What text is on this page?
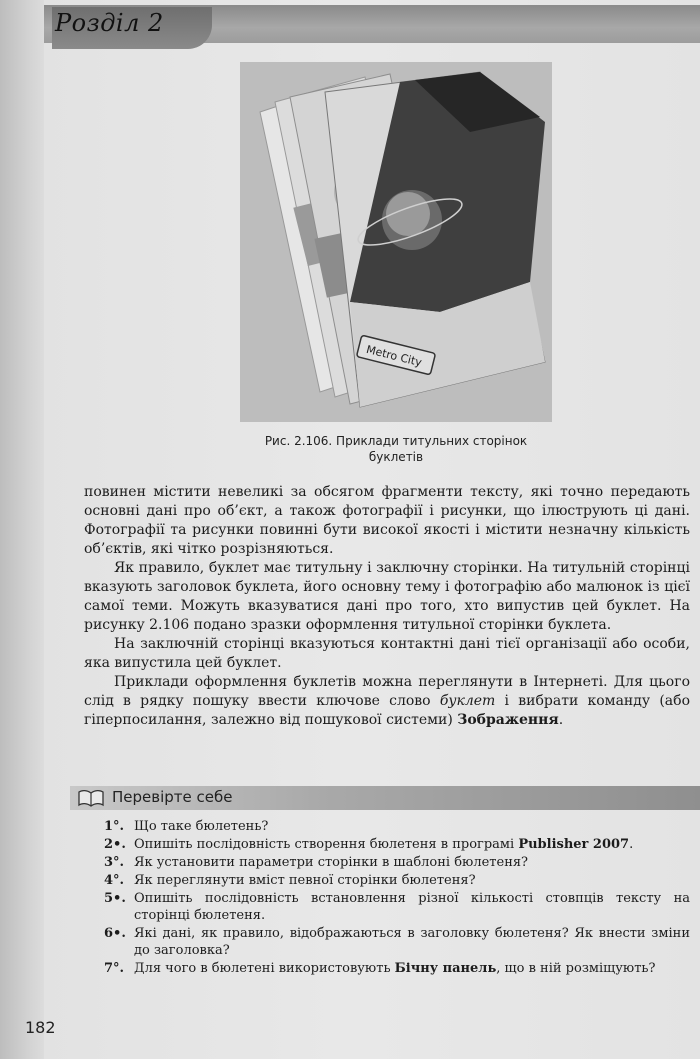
Розділ 2
Metro City
Рис. 2.106. Приклади титульних сторінок
буклетів

повинен містити невеликі за обсягом фрагменти тексту, які точно передають основні дані про об’єкт, а також фотографії і рисунки, що ілюструють ці дані. Фотографії та рисунки повинні бути високої якості і містити незначну кількість об’єктів, які чітко розрізняються.

Як правило, буклет має титульну і заключну сторінки. На титульній сторінці вказують заголовок буклета, його основну тему і фотографію або малюнок із цієї самої теми. Можуть вказуватися дані про того, хто випустив цей буклет. На рисунку 2.106 подано зразки оформлення титульної сторінки буклета.

На заключній сторінці вказуються контактні дані тієї організації або особи, яка випустила цей буклет.

Приклади оформлення буклетів можна переглянути в Інтернеті. Для цього слід в рядку пошуку ввести ключове слово буклет і вибрати команду (або гіперпосилання, залежно від пошукової системи) Зображення.

Перевірте себе
1°. Що таке бюлетень?
2•. Опишіть послідовність створення бюлетеня в програмі Publisher 2007.
3°. Як установити параметри сторінки в шаблоні бюлетеня?
4°. Як переглянути вміст певної сторінки бюлетеня?
5•. Опишіть послідовність встановлення різної кількості стовпців тексту на сторінці бюлетеня.
6•. Які дані, як правило, відображаються в заголовку бюлетеня? Як внести зміни до заголовка?
7°. Для чого в бюлетені використовують Бічну панель, що в ній розміщують?
182
